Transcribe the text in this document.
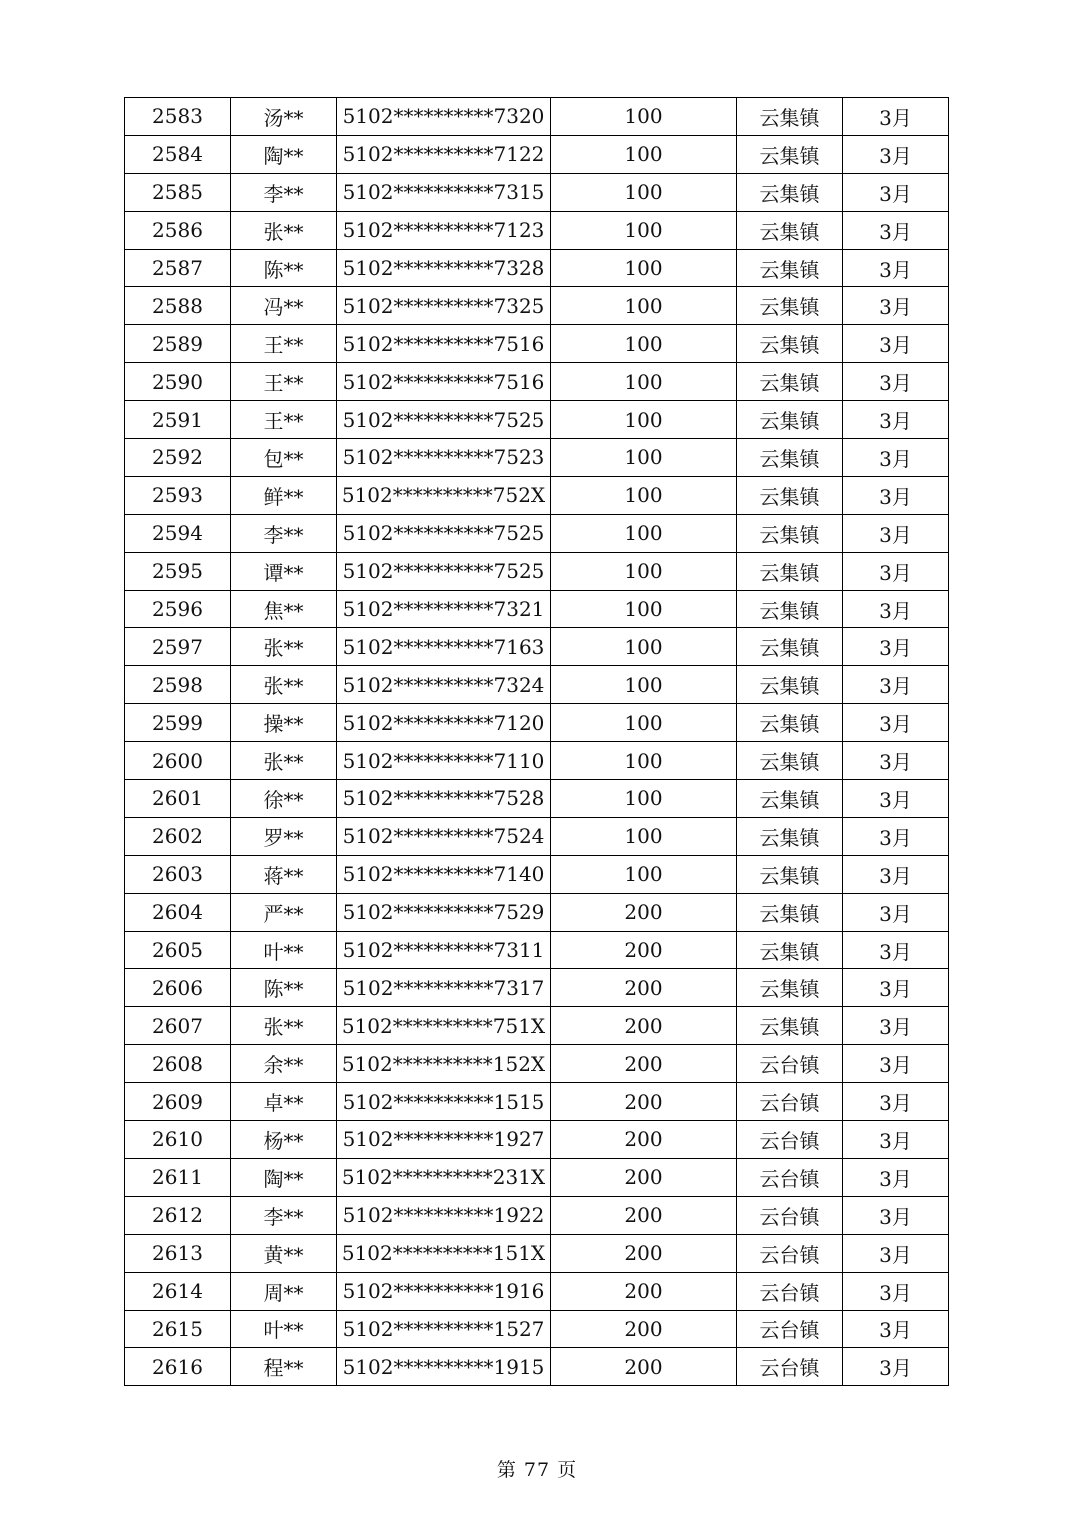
2583	汤**	5102**********7320	100	云集镇	3月
2584	陶**	5102**********7122	100	云集镇	3月
2585	李**	5102**********7315	100	云集镇	3月
2586	张**	5102**********7123	100	云集镇	3月
2587	陈**	5102**********7328	100	云集镇	3月
2588	冯**	5102**********7325	100	云集镇	3月
2589	王**	5102**********7516	100	云集镇	3月
2590	王**	5102**********7516	100	云集镇	3月
2591	王**	5102**********7525	100	云集镇	3月
2592	包**	5102**********7523	100	云集镇	3月
2593	鲜**	5102**********752X	100	云集镇	3月
2594	李**	5102**********7525	100	云集镇	3月
2595	谭**	5102**********7525	100	云集镇	3月
2596	焦**	5102**********7321	100	云集镇	3月
2597	张**	5102**********7163	100	云集镇	3月
2598	张**	5102**********7324	100	云集镇	3月
2599	操**	5102**********7120	100	云集镇	3月
2600	张**	5102**********7110	100	云集镇	3月
2601	徐**	5102**********7528	100	云集镇	3月
2602	罗**	5102**********7524	100	云集镇	3月
2603	蒋**	5102**********7140	100	云集镇	3月
2604	严**	5102**********7529	200	云集镇	3月
2605	叶**	5102**********7311	200	云集镇	3月
2606	陈**	5102**********7317	200	云集镇	3月
2607	张**	5102**********751X	200	云集镇	3月
2608	余**	5102**********152X	200	云台镇	3月
2609	卓**	5102**********1515	200	云台镇	3月
2610	杨**	5102**********1927	200	云台镇	3月
2611	陶**	5102**********231X	200	云台镇	3月
2612	李**	5102**********1922	200	云台镇	3月
2613	黄**	5102**********151X	200	云台镇	3月
2614	周**	5102**********1916	200	云台镇	3月
2615	叶**	5102**********1527	200	云台镇	3月
2616	程**	5102**********1915	200	云台镇	3月
第 77 页
